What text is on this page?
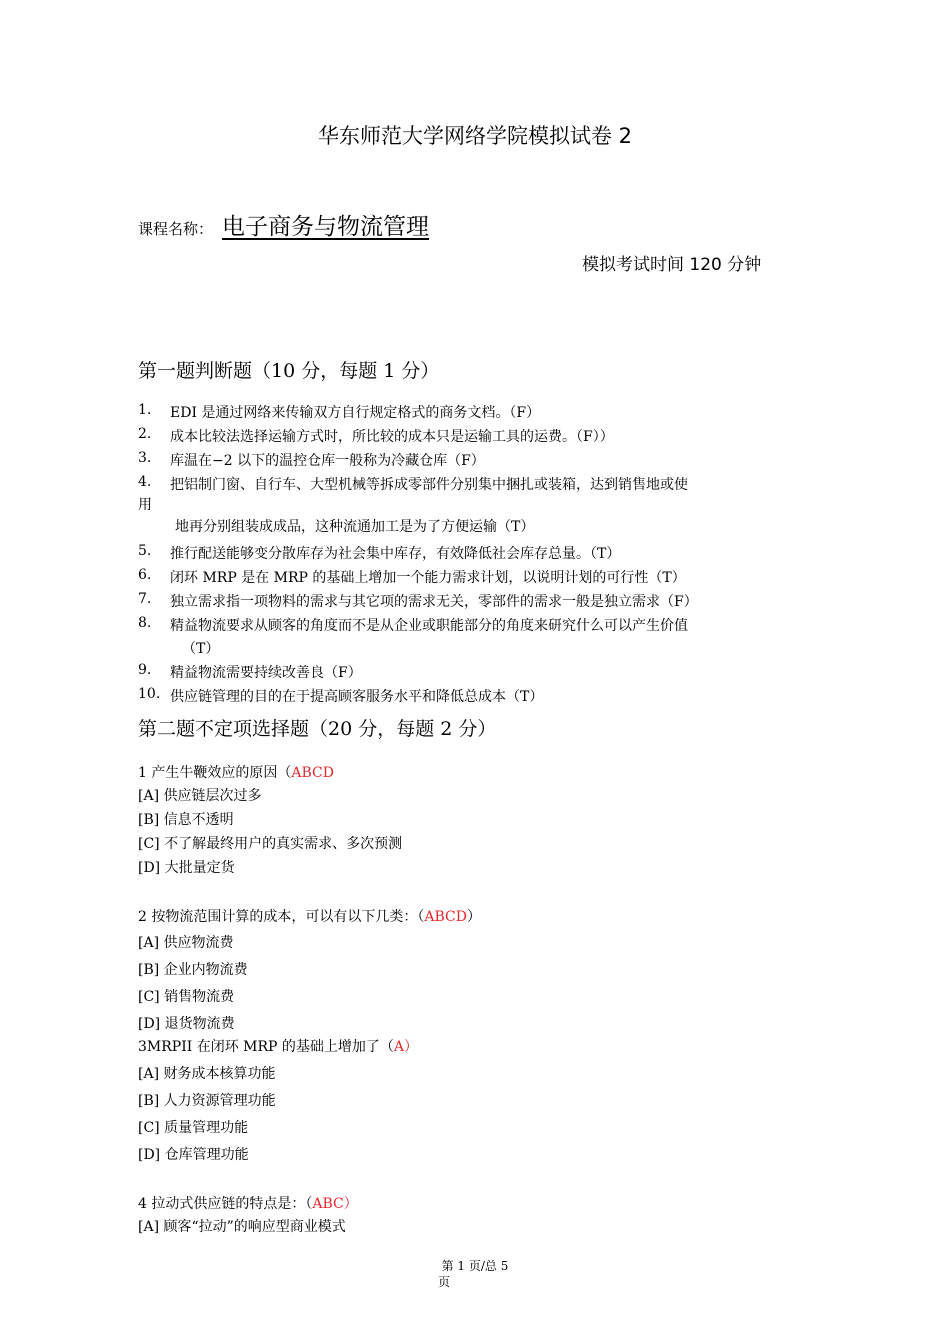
华东师范大学网络学院模拟试卷 2
课程名称： 电子商务与物流管理
模拟考试时间 120 分钟
第一题判断题（10 分，每题 1 分）
1. EDI 是通过网络来传输双方自行规定格式的商务文档。（F）
2. 成本比较法选择运输方式时，所比较的成本只是运输工具的运费。（F））
3. 库温在−2 以下的温控仓库一般称为冷藏仓库（F）
4. 把铝制门窗、自行车、大型机械等拆成零部件分别集中捆扎或装箱，达到销售地或使
用
地再分别组装成成品，这种流通加工是为了方便运输（T）
5. 推行配送能够变分散库存为社会集中库存，有效降低社会库存总量。（T）
6. 闭环 MRP 是在 MRP 的基础上增加一个能力需求计划，以说明计划的可行性（T）
7. 独立需求指一项物料的需求与其它项的需求无关，零部件的需求一般是独立需求（F）
8. 精益物流要求从顾客的角度而不是从企业或职能部分的角度来研究什么可以产生价值
（T）
9. 精益物流需要持续改善良（F）
10. 供应链管理的目的在于提高顾客服务水平和降低总成本（T）
第二题不定项选择题（20 分，每题 2 分）
1 产生牛鞭效应的原因（ABCD
[A] 供应链层次过多
[B] 信息不透明
[C] 不了解最终用户的真实需求、多次预测
[D] 大批量定货
2 按物流范围计算的成本，可以有以下几类：（ABCD）
[A] 供应物流费
[B] 企业内物流费
[C] 销售物流费
[D] 退货物流费
3MRPII 在闭环 MRP 的基础上增加了（A）
[A] 财务成本核算功能
[B] 人力资源管理功能
[C] 质量管理功能
[D] 仓库管理功能
4 拉动式供应链的特点是：（ABC）
[A] 顾客“拉动”的响应型商业模式
第 1 页/总 5
页
